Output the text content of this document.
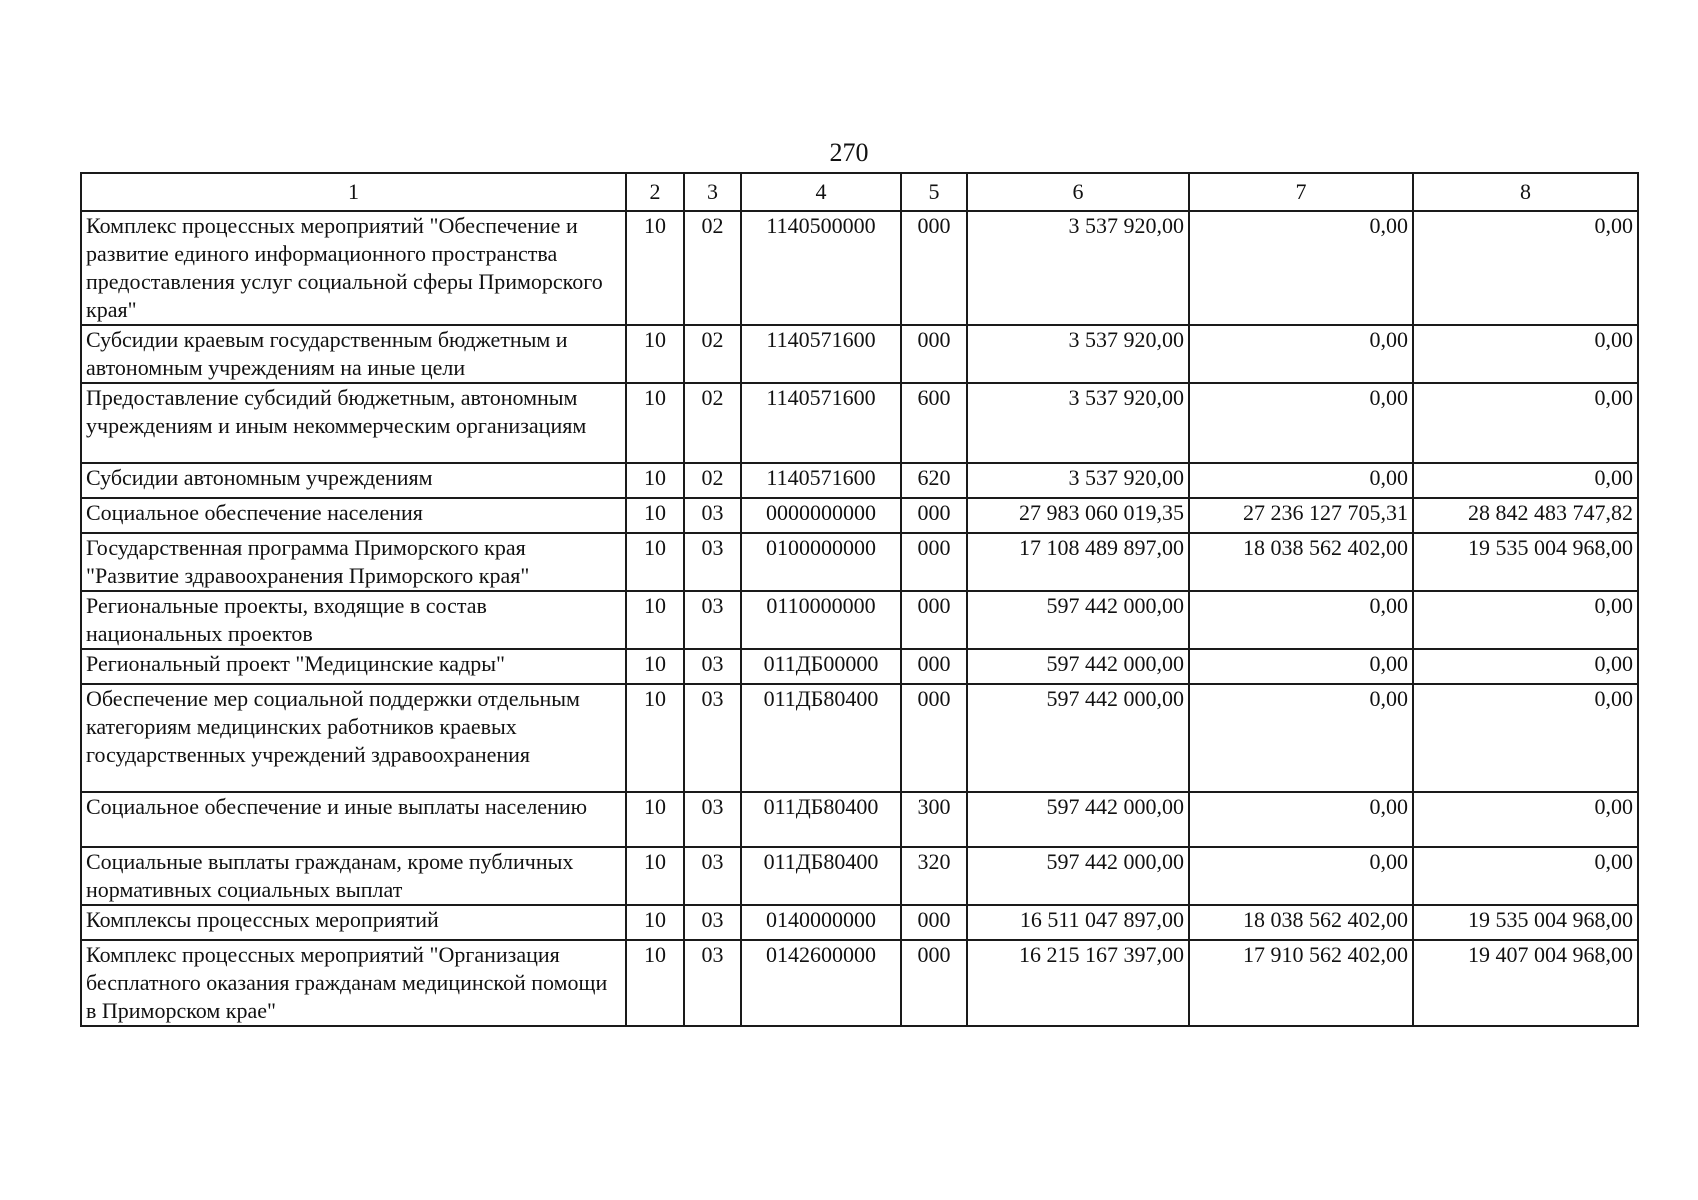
270
1	2	3	4	5	6	7	8
Комплекс процессных мероприятий "Обеспечение и развитие единого информационного пространства предоставления услуг социальной сферы Приморского края"	10	02	1140500000	000	3 537 920,00	0,00	0,00
Субсидии краевым государственным бюджетным и автономным учреждениям на иные цели	10	02	1140571600	000	3 537 920,00	0,00	0,00
Предоставление субсидий бюджетным, автономным учреждениям и иным некоммерческим организациям	10	02	1140571600	600	3 537 920,00	0,00	0,00
Субсидии автономным учреждениям	10	02	1140571600	620	3 537 920,00	0,00	0,00
Социальное обеспечение населения	10	03	0000000000	000	27 983 060 019,35	27 236 127 705,31	28 842 483 747,82
Государственная программа Приморского края "Развитие здравоохранения Приморского края"	10	03	0100000000	000	17 108 489 897,00	18 038 562 402,00	19 535 004 968,00
Региональные проекты, входящие в состав национальных проектов	10	03	0110000000	000	597 442 000,00	0,00	0,00
Региональный проект "Медицинские кадры"	10	03	011ДБ00000	000	597 442 000,00	0,00	0,00
Обеспечение мер социальной поддержки отдельным категориям медицинских работников краевых государственных учреждений здравоохранения	10	03	011ДБ80400	000	597 442 000,00	0,00	0,00
Социальное обеспечение и иные выплаты населению	10	03	011ДБ80400	300	597 442 000,00	0,00	0,00
Социальные выплаты гражданам, кроме публичных нормативных социальных выплат	10	03	011ДБ80400	320	597 442 000,00	0,00	0,00
Комплексы процессных мероприятий	10	03	0140000000	000	16 511 047 897,00	18 038 562 402,00	19 535 004 968,00
Комплекс процессных мероприятий "Организация бесплатного оказания гражданам медицинской помощи в Приморском крае"	10	03	0142600000	000	16 215 167 397,00	17 910 562 402,00	19 407 004 968,00
